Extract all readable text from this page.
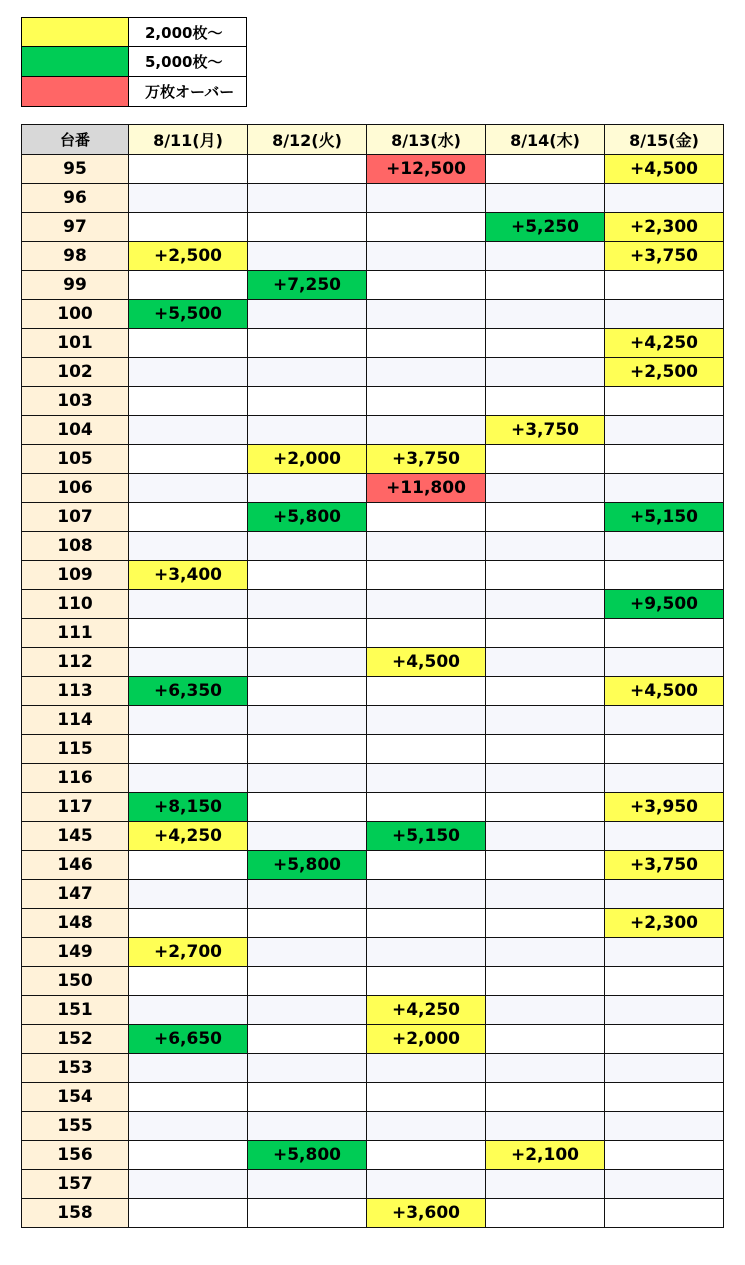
	2,000枚〜
	5,000枚〜
	万枚オーバー
台番	8/11(月)	8/12(火)	8/13(水)	8/14(木)	8/15(金)
95			+12,500		+4,500
96					
97				+5,250	+2,300
98	+2,500				+3,750
99		+7,250			
100	+5,500				
101					+4,250
102					+2,500
103					
104				+3,750	
105		+2,000	+3,750		
106			+11,800		
107		+5,800			+5,150
108					
109	+3,400				
110					+9,500
111					
112			+4,500		
113	+6,350				+4,500
114					
115					
116					
117	+8,150				+3,950
145	+4,250		+5,150		
146		+5,800			+3,750
147					
148					+2,300
149	+2,700				
150					
151			+4,250		
152	+6,650		+2,000		
153					
154					
155					
156		+5,800		+2,100	
157					
158			+3,600		
